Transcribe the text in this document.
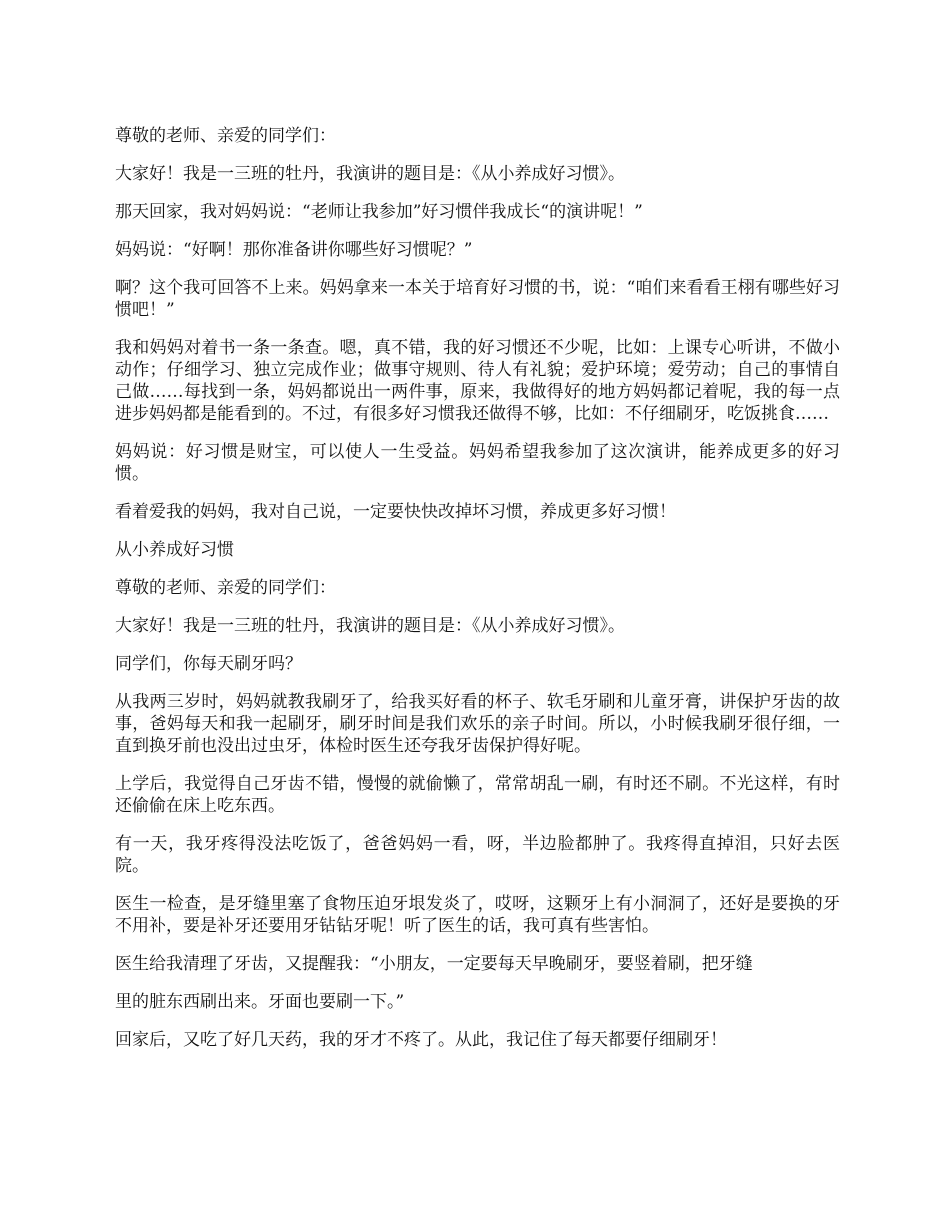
尊敬的老师、亲爱的同学们：

大家好！我是一三班的牡丹，我演讲的题目是：《从小养成好习惯》。

那天回家，我对妈妈说：“老师让我参加”好习惯伴我成长“的演讲呢！”

妈妈说：“好啊！那你准备讲你哪些好习惯呢？”

啊？这个我可回答不上来。妈妈拿来一本关于培育好习惯的书，说：“咱们来看看王栩有哪些好习惯吧！”

我和妈妈对着书一条一条查。嗯，真不错，我的好习惯还不少呢，比如：上课专心听讲，不做小动作；仔细学习、独立完成作业；做事守规则、待人有礼貌；爱护环境；爱劳动；自己的事情自己做……每找到一条，妈妈都说出一两件事，原来，我做得好的地方妈妈都记着呢，我的每一点进步妈妈都是能看到的。不过，有很多好习惯我还做得不够，比如：不仔细刷牙，吃饭挑食……

妈妈说：好习惯是财宝，可以使人一生受益。妈妈希望我参加了这次演讲，能养成更多的好习惯。

看着爱我的妈妈，我对自己说，一定要快快改掉坏习惯，养成更多好习惯！

从小养成好习惯

尊敬的老师、亲爱的同学们：

大家好！我是一三班的牡丹，我演讲的题目是：《从小养成好习惯》。

同学们，你每天刷牙吗？

从我两三岁时，妈妈就教我刷牙了，给我买好看的杯子、软毛牙刷和儿童牙膏，讲保护牙齿的故事，爸妈每天和我一起刷牙，刷牙时间是我们欢乐的亲子时间。所以，小时候我刷牙很仔细，一直到换牙前也没出过虫牙，体检时医生还夸我牙齿保护得好呢。

上学后，我觉得自己牙齿不错，慢慢的就偷懒了，常常胡乱一刷，有时还不刷。不光这样，有时还偷偷在床上吃东西。

有一天，我牙疼得没法吃饭了，爸爸妈妈一看，呀，半边脸都肿了。我疼得直掉泪，只好去医院。

医生一检查，是牙缝里塞了食物压迫牙垠发炎了，哎呀，这颗牙上有小洞洞了，还好是要换的牙不用补，要是补牙还要用牙钻钻牙呢！听了医生的话，我可真有些害怕。

医生给我清理了牙齿，又提醒我：“小朋友，一定要每天早晚刷牙，要竖着刷，把牙缝

里的脏东西刷出来。牙面也要刷一下。”

回家后，又吃了好几天药，我的牙才不疼了。从此，我记住了每天都要仔细刷牙！
